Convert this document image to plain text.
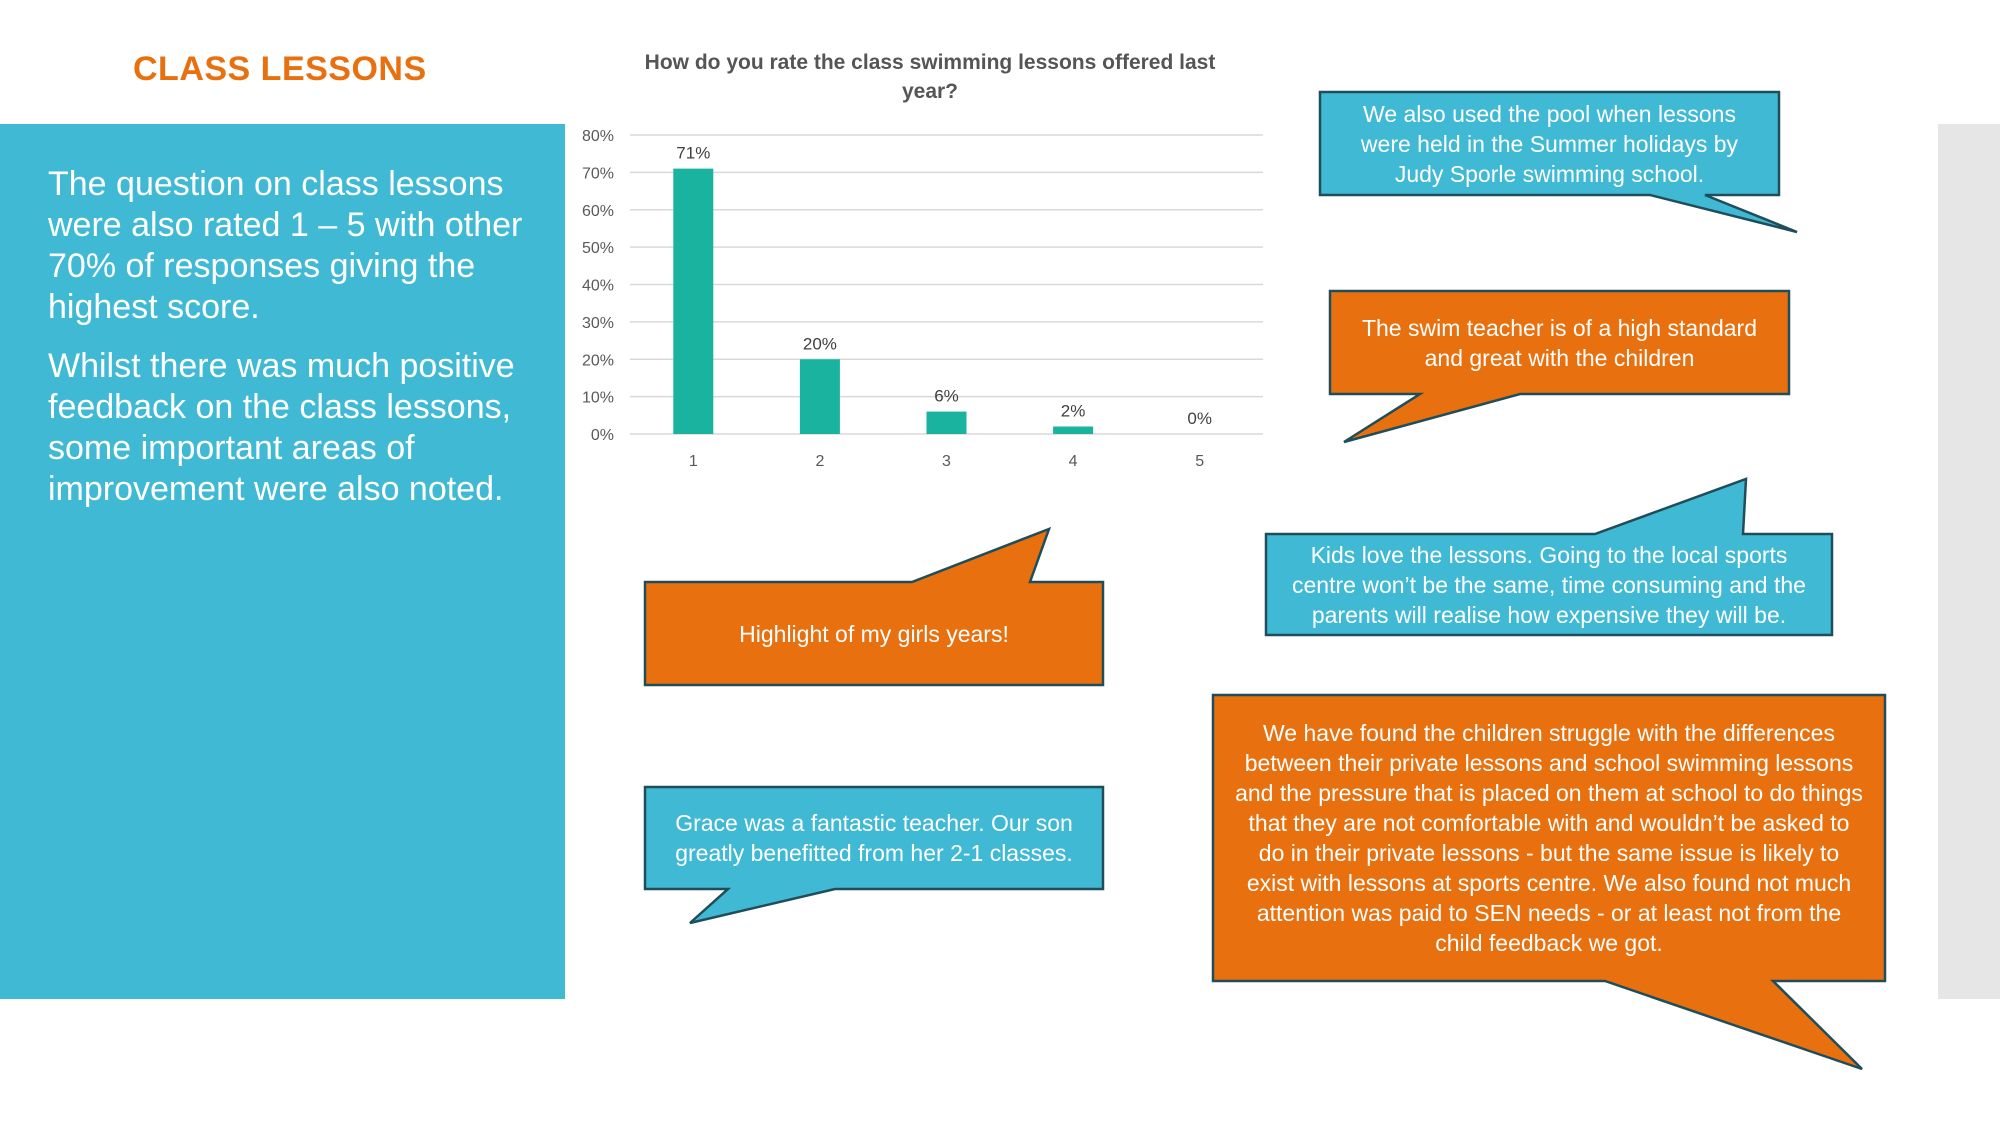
CLASS LESSONS

The question on class lessons were also rated 1 – 5 with other 70% of responses giving the highest score.

Whilst there was much positive feedback on the class lessons, some important areas of improvement were also noted.

How do you rate the class swimming lessons offered last year?
0%
10%
20%
30%
40%
50%
60%
70%
80%
71%
1
20%
2
6%
3
2%
4
0%
5
We also used the pool when lessons were held in the Summer holidays by Judy Sporle swimming school.
The swim teacher is of a high standard and great with the children
Kids love the lessons. Going to the local sports centre won’t be the same, time consuming and the parents will realise how expensive they will be.
Highlight of my girls years!
Grace was a fantastic teacher. Our son greatly benefitted from her 2-1 classes.
We have found the children struggle with the differences between their private lessons and school swimming lessons and the pressure that is placed on them at school to do things that they are not comfortable with and wouldn’t be asked to do in their private lessons - but the same issue is likely to exist with lessons at sports centre. We also found not much attention was paid to SEN needs - or at least not from the child feedback we got.
